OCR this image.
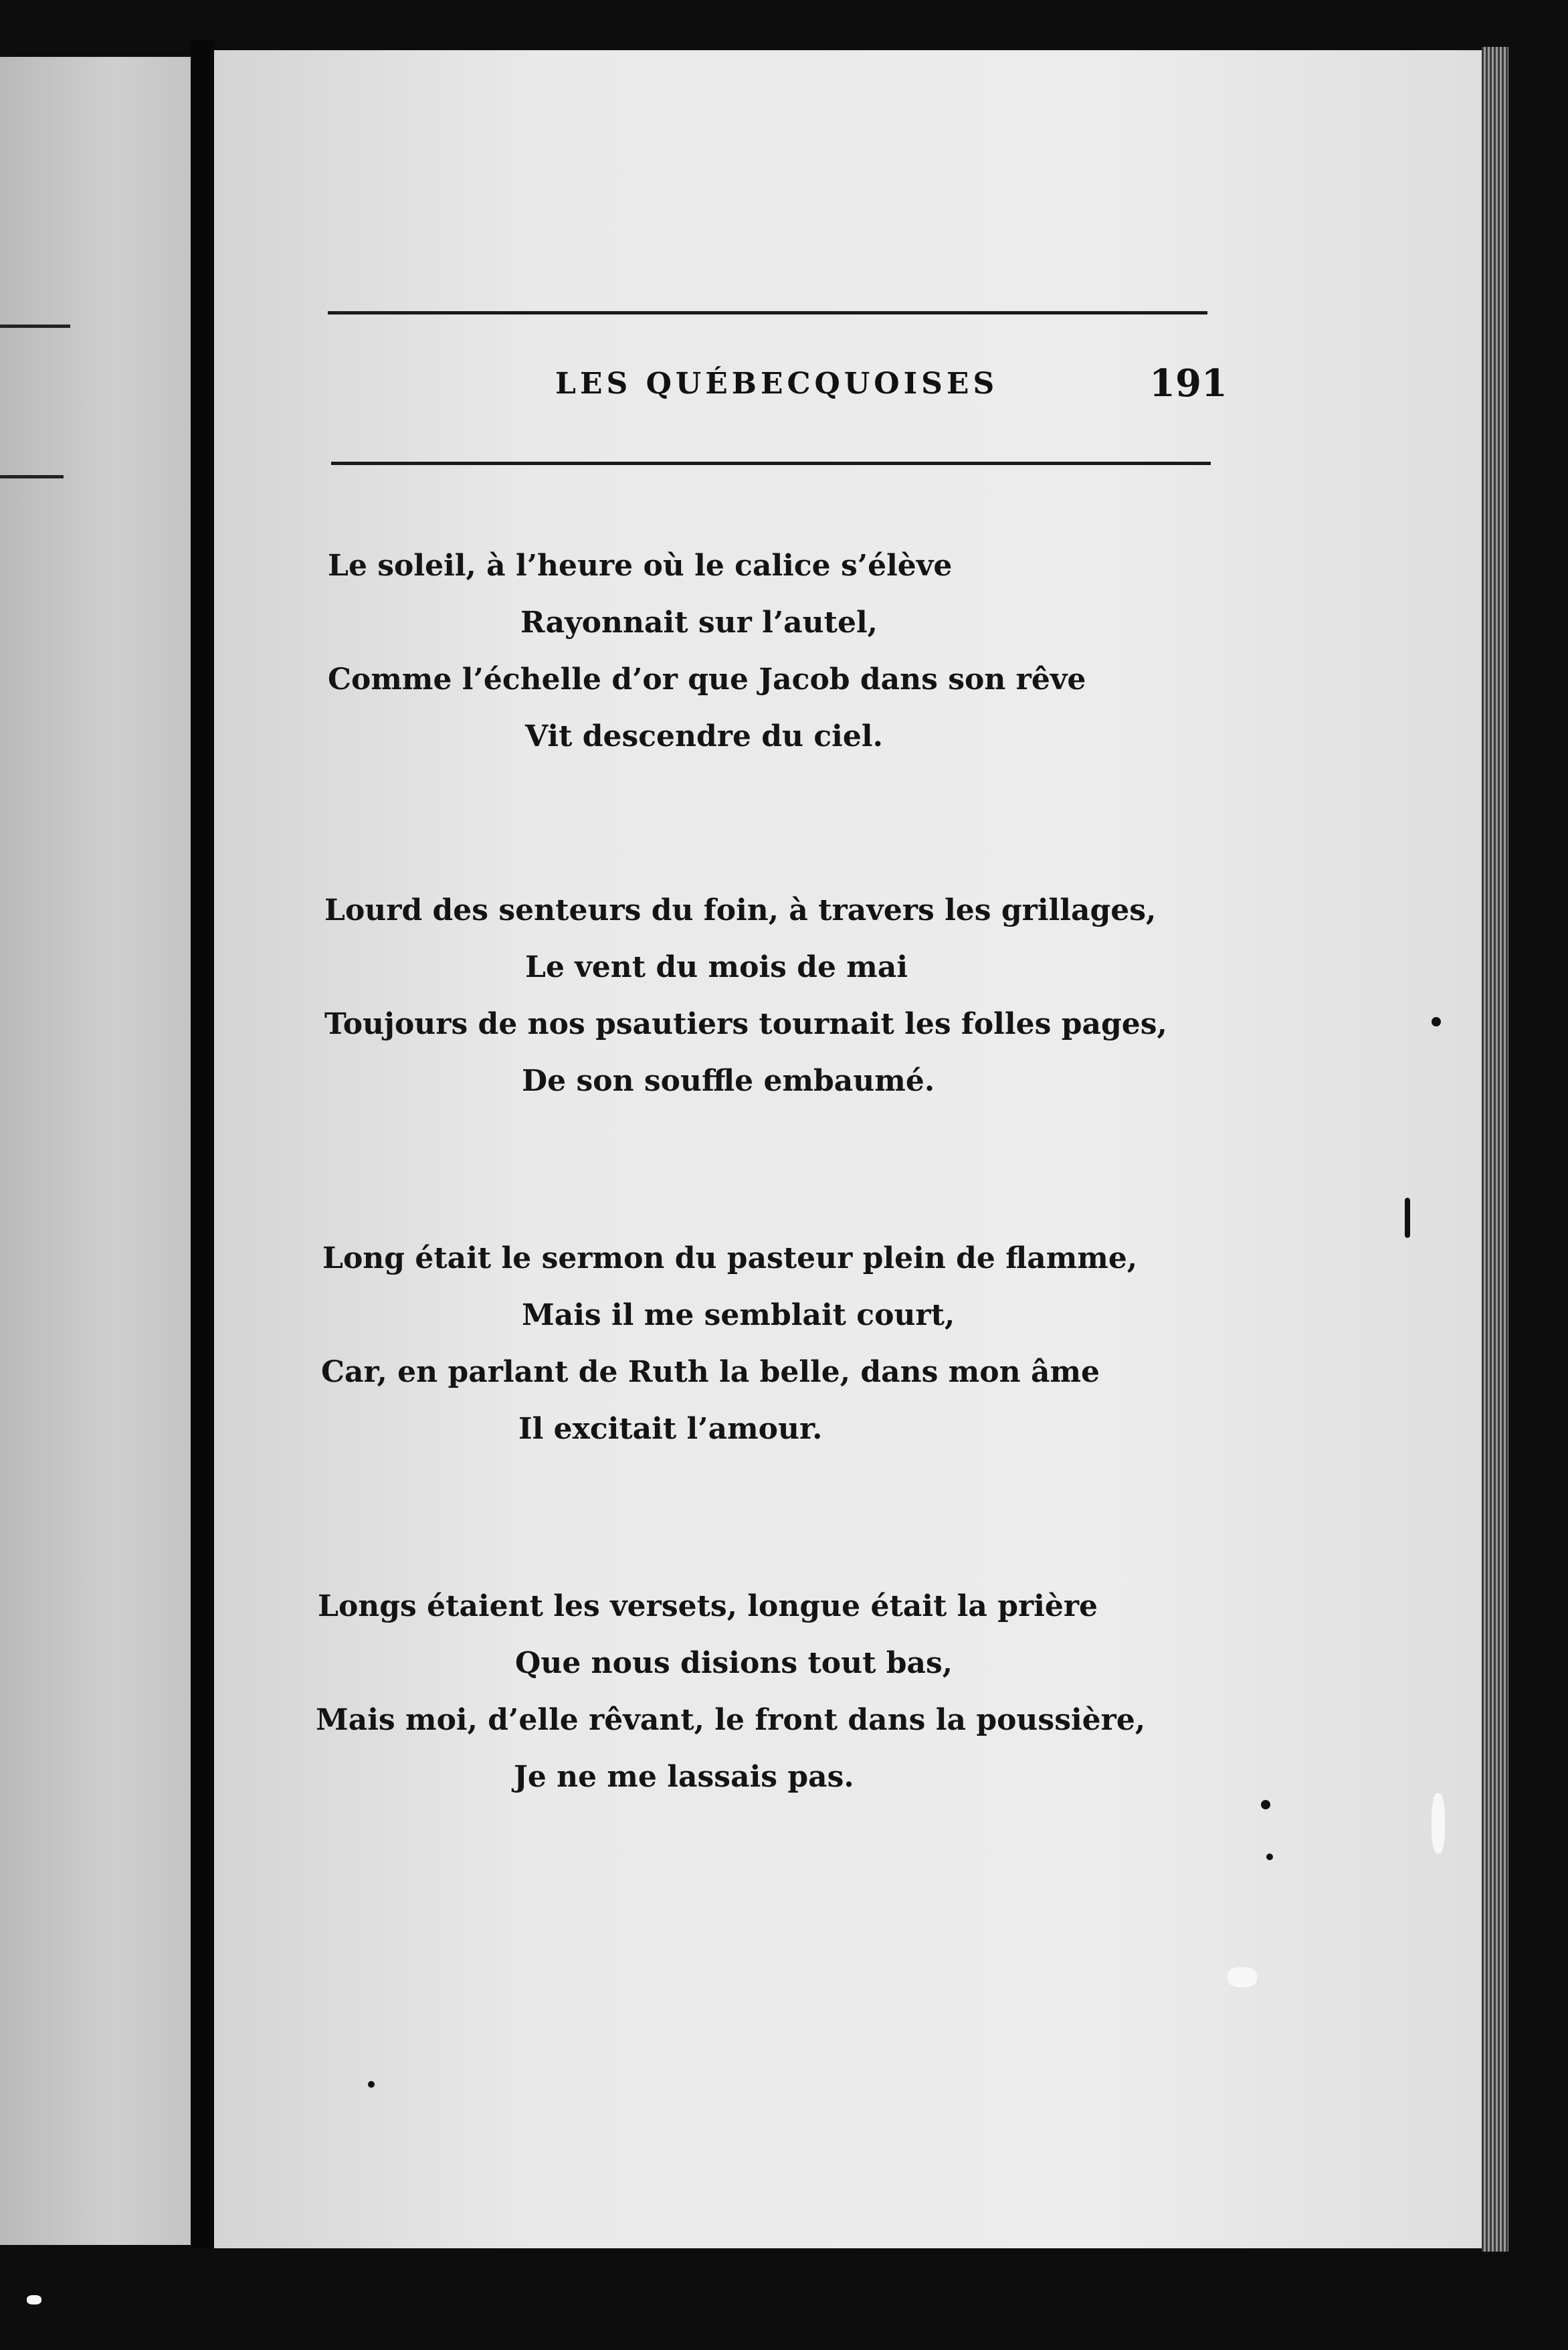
LES QUÉBECQUOISES	191
Le soleil, à l’heure où le calice s’élève
Rayonnait sur l’autel,
Comme l’échelle d’or que Jacob dans son rêve
Vit descendre du ciel.
Lourd des senteurs du foin, à travers les grillages,
Le vent du mois de mai
Toujours de nos psautiers tournait les folles pages,
De son souffle embaumé.
Long était le sermon du pasteur plein de flamme,
Mais il me semblait court,
Car, en parlant de Ruth la belle, dans mon âme
Il excitait l’amour.
Longs étaient les versets, longue était la prière
Que nous disions tout bas,
Mais moi, d’elle rêvant, le front dans la poussière,
Je ne me lassais pas.
